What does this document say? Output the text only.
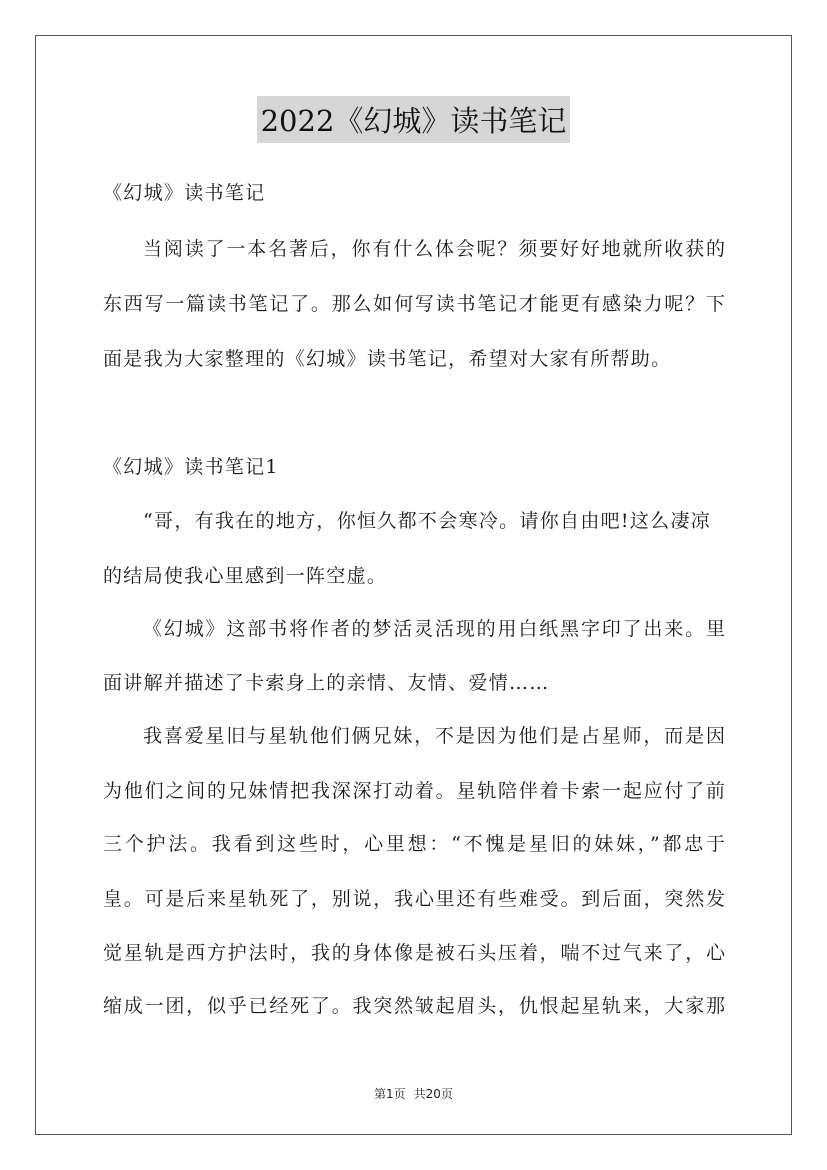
2022《幻城》读书笔记

《幻城》读书笔记

当阅读了一本名著后，你有什么体会呢？须要好好地就所收获的

东西写一篇读书笔记了。那么如何写读书笔记才能更有感染力呢？下

面是我为大家整理的《幻城》读书笔记，希望对大家有所帮助。

《幻城》读书笔记1

“哥，有我在的地方，你恒久都不会寒冷。请你自由吧!这么凄凉

的结局使我心里感到一阵空虚。

《幻城》这部书将作者的梦活灵活现的用白纸黑字印了出来。里

面讲解并描述了卡索身上的亲情、友情、爱情……

我喜爱星旧与星轨他们俩兄妹，不是因为他们是占星师，而是因

为他们之间的兄妹情把我深深打动着。星轨陪伴着卡索一起应付了前

三个护法。我看到这些时，心里想：“不愧是星旧的妹妹，”都忠于

皇。可是后来星轨死了，别说，我心里还有些难受。到后面，突然发

觉星轨是西方护法时，我的身体像是被石头压着，喘不过气来了，心

缩成一团，似乎已经死了。我突然皱起眉头，仇恨起星轨来，大家那

第1页 共20页
